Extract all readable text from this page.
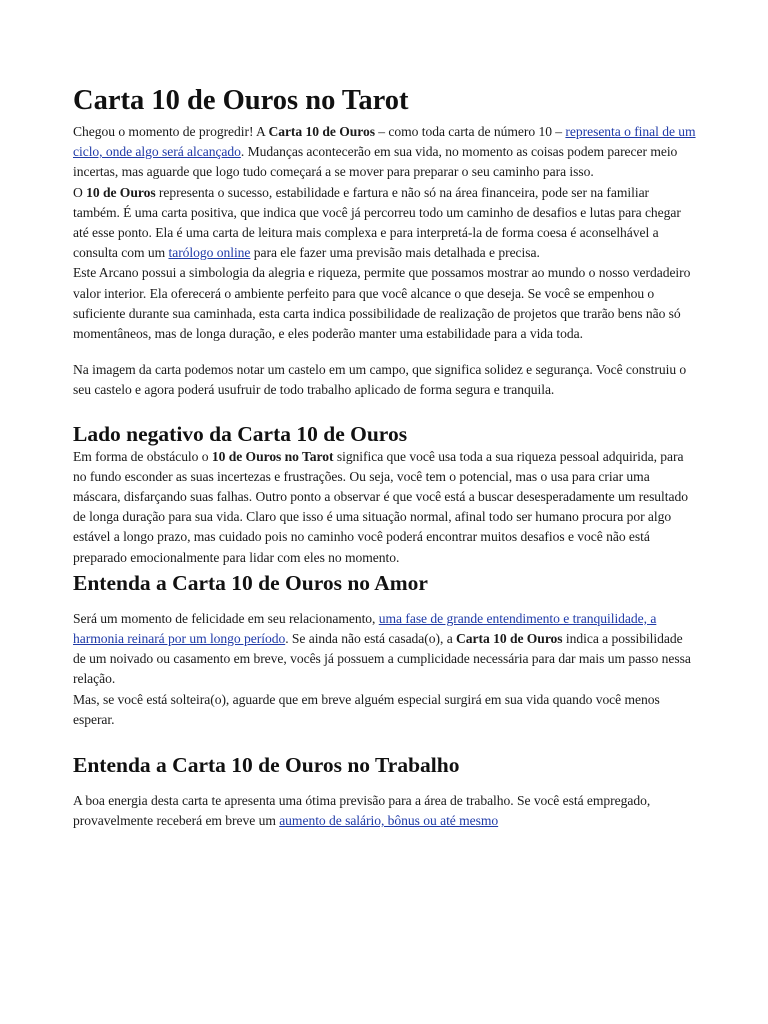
Carta 10 de Ouros no Tarot

Chegou o momento de progredir! A Carta 10 de Ouros – como toda carta de número 10 – representa o final de um ciclo, onde algo será alcançado. Mudanças acontecerão em sua vida, no momento as coisas podem parecer meio incertas, mas aguarde que logo tudo começará a se mover para preparar o seu caminho para isso.

O 10 de Ouros representa o sucesso, estabilidade e fartura e não só na área financeira, pode ser na familiar também. É uma carta positiva, que indica que você já percorreu todo um caminho de desafios e lutas para chegar até esse ponto. Ela é uma carta de leitura mais complexa e para interpretá-la de forma coesa é aconselhável a consulta com um tarólogo online para ele fazer uma previsão mais detalhada e precisa.

Este Arcano possui a simbologia da alegria e riqueza, permite que possamos mostrar ao mundo o nosso verdadeiro valor interior. Ela oferecerá o ambiente perfeito para que você alcance o que deseja. Se você se empenhou o suficiente durante sua caminhada, esta carta indica possibilidade de realização de projetos que trarão bens não só momentâneos, mas de longa duração, e eles poderão manter uma estabilidade para a vida toda.

Na imagem da carta podemos notar um castelo em um campo, que significa solidez e segurança. Você construiu o seu castelo e agora poderá usufruir de todo trabalho aplicado de forma segura e tranquila.

Lado negativo da Carta 10 de Ouros

Em forma de obstáculo o 10 de Ouros no Tarot significa que você usa toda a sua riqueza pessoal adquirida, para no fundo esconder as suas incertezas e frustrações. Ou seja, você tem o potencial, mas o usa para criar uma máscara, disfarçando suas falhas. Outro ponto a observar é que você está a buscar desesperadamente um resultado de longa duração para sua vida. Claro que isso é uma situação normal, afinal todo ser humano procura por algo estável a longo prazo, mas cuidado pois no caminho você poderá encontrar muitos desafios e você não está preparado emocionalmente para lidar com eles no momento.

Entenda a Carta 10 de Ouros no Amor

Será um momento de felicidade em seu relacionamento, uma fase de grande entendimento e tranquilidade, a harmonia reinará por um longo período. Se ainda não está casada(o), a Carta 10 de Ouros indica a possibilidade de um noivado ou casamento em breve, vocês já possuem a cumplicidade necessária para dar mais um passo nessa relação.

Mas, se você está solteira(o), aguarde que em breve alguém especial surgirá em sua vida quando você menos esperar.

Entenda a Carta 10 de Ouros no Trabalho

A boa energia desta carta te apresenta uma ótima previsão para a área de trabalho. Se você está empregado, provavelmente receberá em breve um aumento de salário, bônus ou até mesmo
